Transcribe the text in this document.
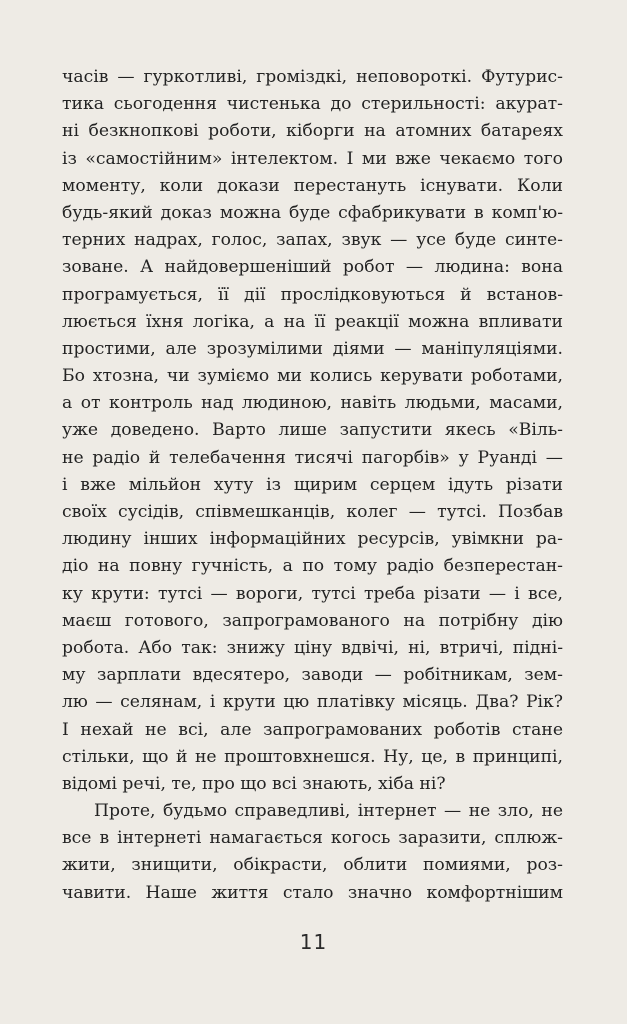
часів — гуркотливі, громіздкі, неповороткі. Футурис-
тика сьогодення чистенька до стерильності: акурат-
ні безкнопкові роботи, кіборги на атомних батареях
із «самостійним» інтелектом. І ми вже чекаємо того
моменту, коли докази перестануть існувати. Коли
будь-який доказ можна буде сфабрикувати в комп'ю-
терних надрах, голос, запах, звук — усе буде синте-
зоване. А найдовершеніший робот — людина: вона
програмується, її дії прослідковуються й встанов-
люється їхня логіка, а на її реакції можна впливати
простими, але зрозумілими діями — маніпуляціями.
Бо хтозна, чи зуміємо ми колись керувати роботами,
а от контроль над людиною, навіть людьми, масами,
уже доведено. Варто лише запустити якесь «Віль-
не радіо й телебачення тисячі пагорбів» у Руанді —
і вже мільйон хуту із щирим серцем ідуть різати
своїх сусідів, співмешканців, колег — тутсі. Позбав
людину інших інформаційних ресурсів, увімкни ра-
діо на повну гучність, а по тому радіо безперестан-
ку крути: тутсі — вороги, тутсі треба різати — і все,
маєш готового, запрограмованого на потрібну дію
робота. Або так: знижу ціну вдвічі, ні, втричі, підні-
му зарплати вдесятеро, заводи — робітникам, зем-
лю — селянам, і крути цю платівку місяць. Два? Рік?
І нехай не всі, але запрограмованих роботів стане
стільки, що й не проштовхнешся. Ну, це, в принципі,
відомі речі, те, про що всі знають, хіба ні?
Проте, будьмо справедливі, інтернет — не зло, не
все в інтернеті намагається когось заразити, сплюж-
жити, знищити, обікрасти, облити помиями, роз-
чавити. Наше життя стало значно комфортнішим
11
